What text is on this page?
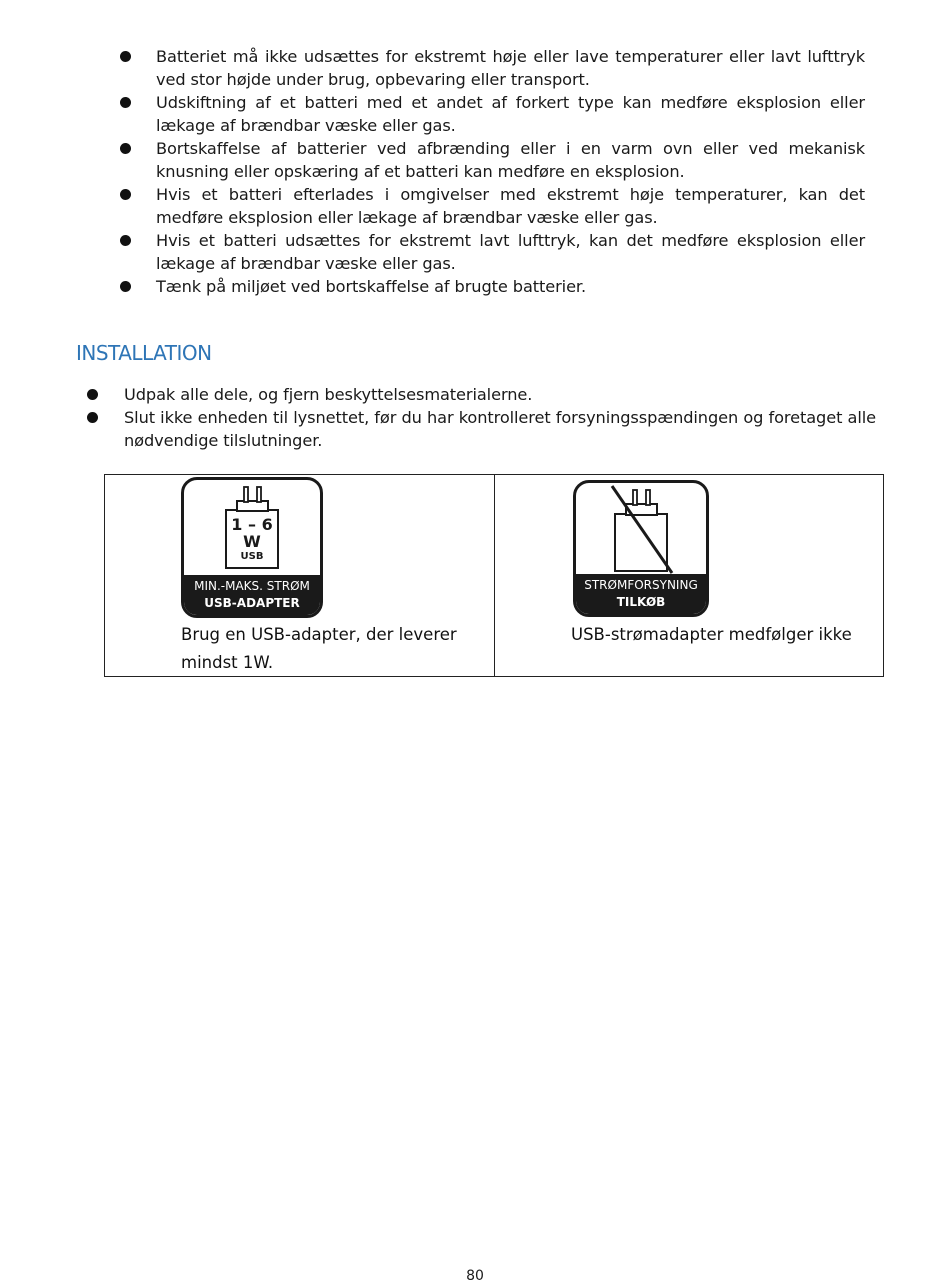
Batteriet må ikke udsættes for ekstremt høje eller lave temperaturer eller lavt lufttryk ved stor højde under brug, opbevaring eller transport.
Udskiftning af et batteri med et andet af forkert type kan medføre eksplosion eller lækage af brændbar væske eller gas.
Bortskaffelse af batterier ved afbrænding eller i en varm ovn eller ved mekanisk knusning eller opskæring af et batteri kan medføre en eksplosion.
Hvis et batteri efterlades i omgivelser med ekstremt høje temperaturer, kan det medføre eksplosion eller lækage af brændbar væske eller gas.
Hvis et batteri udsættes for ekstremt lavt lufttryk, kan det medføre eksplosion eller lækage af brændbar væske eller gas.
Tænk på miljøet ved bortskaffelse af brugte batterier.
INSTALLATION
Udpak alle dele, og fjern beskyttelsesmaterialerne.
Slut ikke enheden til lysnettet, før du har kontrolleret forsyningsspændingen og foretaget alle nødvendige tilslutninger.
1 – 6
W
USB
MIN.-MAKS. STRØM
USB-ADAPTER
Brug en USB-adapter, der leverer
mindst 1W.
STRØMFORSYNING
TILKØB
USB-strømadapter medfølger ikke
80
